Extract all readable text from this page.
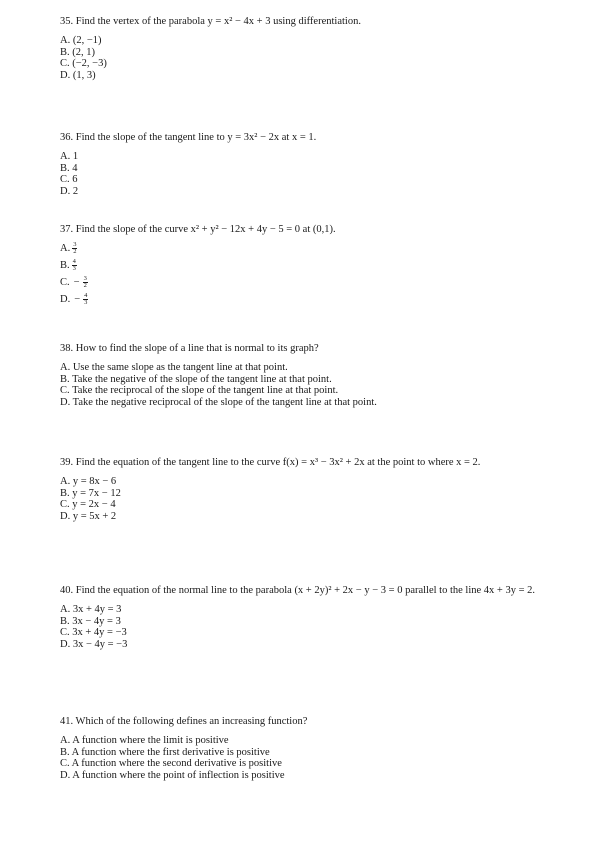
35. Find the vertex of the parabola y = x² − 4x + 3 using differentiation.

A. (2, −1)
B. (2, 1)
C. (−2, −3)
D. (1, 3)

36. Find the slope of the tangent line to y = 3x² − 2x at x = 1.

A. 1
B. 4
C. 6
D. 2

37. Find the slope of the curve x² + y² − 12x + 4y − 5 = 0 at (0,1).

A. $\frac{3}{2}$
B. $\frac{4}{3}$
C. − $\frac{3}{2}$
D. − $\frac{4}{3}$

38. How to find the slope of a line that is normal to its graph?

A. Use the same slope as the tangent line at that point.
B. Take the negative of the slope of the tangent line at that point.
C. Take the reciprocal of the slope of the tangent line at that point.
D. Take the negative reciprocal of the slope of the tangent line at that point.

39. Find the equation of the tangent line to the curve f(x) = x³ − 3x² + 2x at the point to where x = 2.

A. y = 8x − 6
B. y = 7x − 12
C. y = 2x − 4
D. y = 5x + 2

40. Find the equation of the normal line to the parabola (x + 2y)² + 2x − y − 3 = 0 parallel to the line 4x + 3y = 2.

A. 3x + 4y = 3
B. 3x − 4y = 3
C. 3x + 4y = −3
D. 3x − 4y = −3

41. Which of the following defines an increasing function?

A. A function where the limit is positive
B. A function where the first derivative is positive
C. A function where the second derivative is positive
D. A function where the point of inflection is positive
